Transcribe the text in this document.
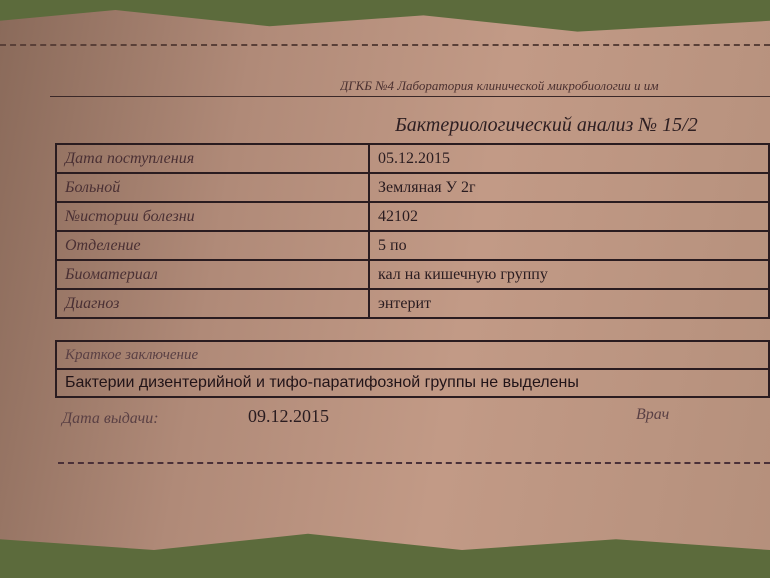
ДГКБ №4 Лаборатория клинической микробиологии и им
Бактериологический анализ № 15/2
Дата поступления	05.12.2015
Больной	Земляная У 2г
№истории болезни	42102
Отделение	5 по
Биоматериал	кал на кишечную группу
Диагноз	энтерит
Краткое заключение
Бактерии дизентерийной и тифо-паратифозной группы не выделены
Дата выдачи:	09.12.2015	Врач
